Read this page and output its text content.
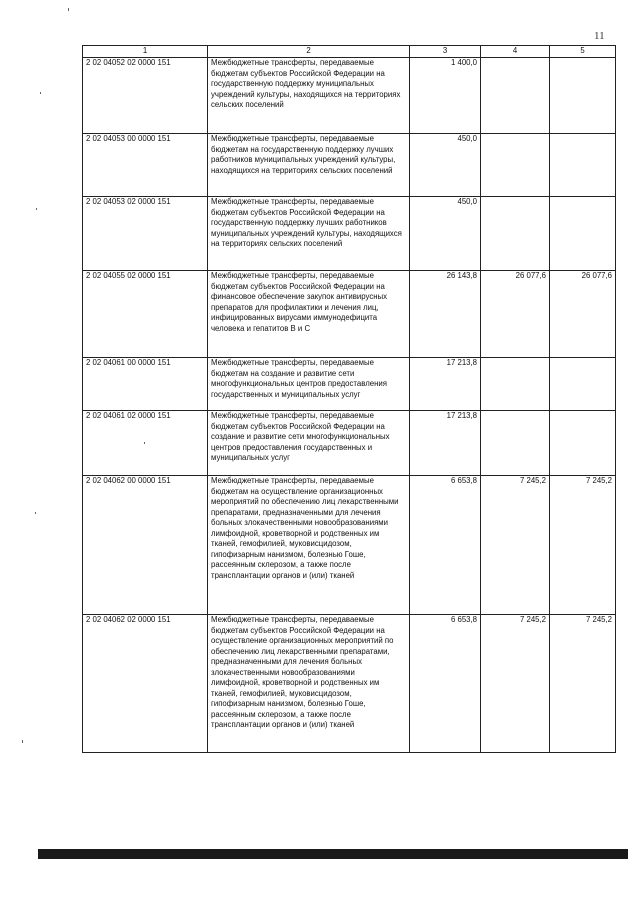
11
1	2	3	4	5
2 02 04052 02 0000 151	Межбюджетные трансферты, передаваемые бюджетам субъектов Российской Федерации на государственную поддержку муниципальных учреждений культуры, находящихся на территориях сельских поселений	1 400,0		
2 02 04053 00 0000 151	Межбюджетные трансферты, передаваемые бюджетам на государственную поддержку лучших работников муниципальных учреждений культуры, находящихся на территориях сельских поселений	450,0		
2 02 04053 02 0000 151	Межбюджетные трансферты, передаваемые бюджетам субъектов Российской Федерации на государственную поддержку лучших работников муниципальных учреждений культуры, находящихся на территориях сельских поселений	450,0		
2 02 04055 02 0000 151	Межбюджетные трансферты, передаваемые бюджетам субъектов Российской Федерации на финансовое обеспечение закупок антивирусных препаратов для профилактики и лечения лиц, инфицированных вирусами иммунодефицита человека и гепатитов В и С	26 143,8	26 077,6	26 077,6
2 02 04061 00 0000 151	Межбюджетные трансферты, передаваемые бюджетам на создание и развитие сети многофункциональных центров предоставления государственных и муниципальных услуг	17 213,8		
2 02 04061 02 0000 151	Межбюджетные трансферты, передаваемые бюджетам субъектов Российской Федерации на создание и развитие сети многофункциональных центров предоставления государственных и муниципальных услуг	17 213,8		
2 02 04062 00 0000 151	Межбюджетные трансферты, передаваемые бюджетам на осуществление организационных мероприятий по обеспечению лиц лекарственными препаратами, предназначенными для лечения больных злокачественными новообразованиями лимфоидной, кроветворной и родственных им тканей, гемофилией, муковисцидозом, гипофизарным нанизмом, болезнью Гоше, рассеянным склерозом, а также после трансплантации органов и (или) тканей	6 653,8	7 245,2	7 245,2
2 02 04062 02 0000 151	Межбюджетные трансферты, передаваемые бюджетам субъектов Российской Федерации на осуществление организационных мероприятий по обеспечению лиц лекарственными препаратами, предназначенными для лечения больных злокачественными новообразованиями лимфоидной, кроветворной и родственных им тканей, гемофилией, муковисцидозом, гипофизарным нанизмом, болезнью Гоше, рассеянным склерозом, а также после трансплантации органов и (или) тканей	6 653,8	7 245,2	7 245,2
